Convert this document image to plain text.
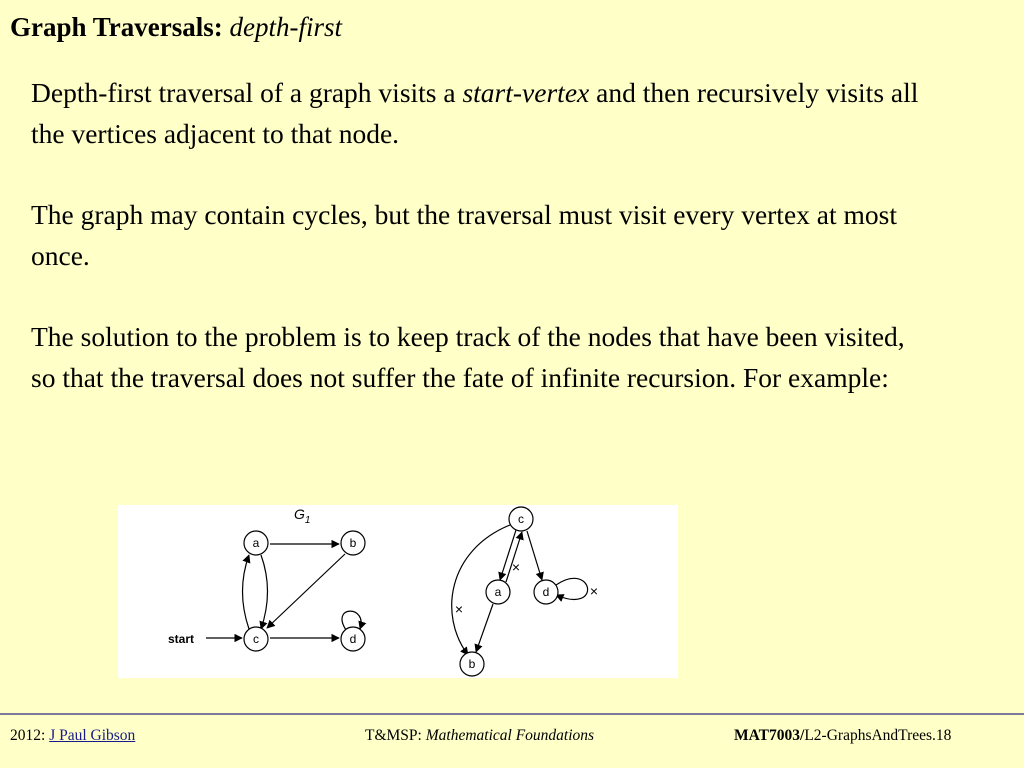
Graph Traversals: depth-first

Depth-first traversal of a graph visits a start-vertex and then recursively visits all the vertices adjacent to that node.

The graph may contain cycles, but the traversal must visit every vertex at most once.

The solution to the problem is to keep track of the nodes that have been visited, so that the traversal does not suffer the fate of infinite recursion. For example:

$G_1$
start
a	b
c	d
×
×
×
c
a	d
b
2012: J Paul Gibson	T&MSP: Mathematical Foundations	MAT7003/L2-GraphsAndTrees.18
